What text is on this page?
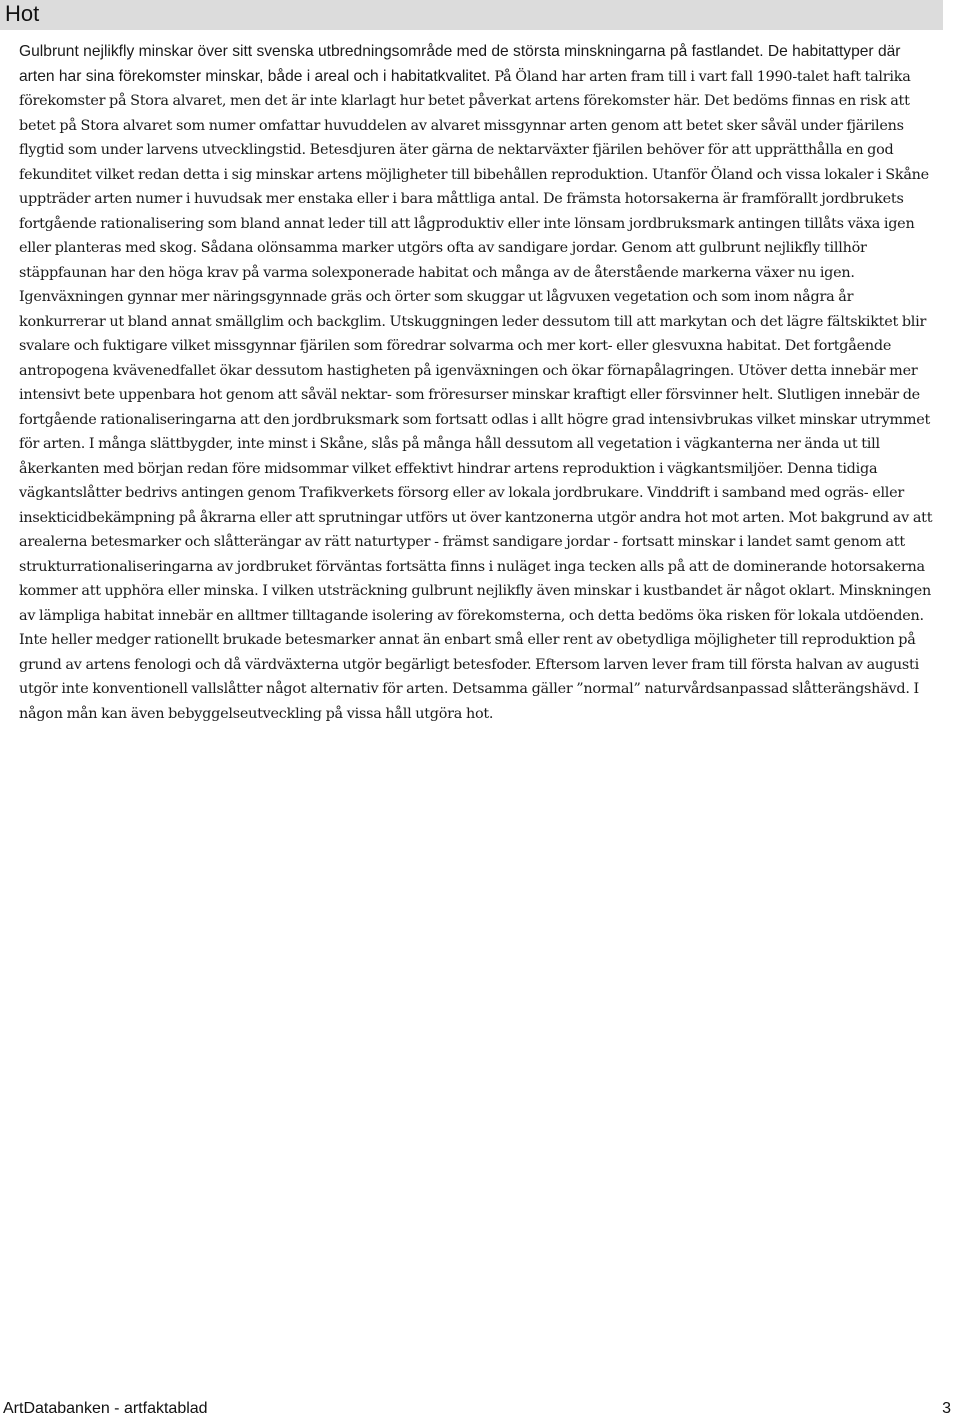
Hot

Gulbrunt nejlikfly minskar över sitt svenska utbredningsområde med de största minskningarna på fastlandet. De habitattyper där arten har sina förekomster minskar, både i areal och i habitatkvalitet. På Öland har arten fram till i vart fall 1990-talet haft talrika förekomster på Stora alvaret, men det är inte klarlagt hur betet påverkat artens förekomster här. Det bedöms finnas en risk att betet på Stora alvaret som numer omfattar huvuddelen av alvaret missgynnar arten genom att betet sker såväl under fjärilens flygtid som under larvens utvecklingstid. Betesdjuren äter gärna de nektarväxter fjärilen behöver för att upprätthålla en god fekunditet vilket redan detta i sig minskar artens möjligheter till bibehållen reproduktion. Utanför Öland och vissa lokaler i Skåne uppträder arten numer i huvudsak mer enstaka eller i bara måttliga antal. De främsta hotorsakerna är framförallt jordbrukets fortgående rationalisering som bland annat leder till att lågproduktiv eller inte lönsam jordbruksmark antingen tillåts växa igen eller planteras med skog. Sådana olönsamma marker utgörs ofta av sandigare jordar. Genom att gulbrunt nejlikfly tillhör stäppfaunan har den höga krav på varma solexponerade habitat och många av de återstående markerna växer nu igen. Igenväxningen gynnar mer näringsgynnade gräs och örter som skuggar ut lågvuxen vegetation och som inom några år konkurrerar ut bland annat smällglim och backglim. Utskuggningen leder dessutom till att markytan och det lägre fältskiktet blir svalare och fuktigare vilket missgynnar fjärilen som föredrar solvarma och mer kort- eller glesvuxna habitat. Det fortgående antropogena kvävenedfallet ökar dessutom hastigheten på igenväxningen och ökar förnapålagringen. Utöver detta innebär mer intensivt bete uppenbara hot genom att såväl nektar- som fröresurser minskar kraftigt eller försvinner helt. Slutligen innebär de fortgående rationaliseringarna att den jordbruksmark som fortsatt odlas i allt högre grad intensivbrukas vilket minskar utrymmet för arten. I många slättbygder, inte minst i Skåne, slås på många håll dessutom all vegetation i vägkanterna ner ända ut till åkerkanten med början redan före midsommar vilket effektivt hindrar artens reproduktion i vägkantsmiljöer. Denna tidiga vägkantslåtter bedrivs antingen genom Trafikverkets försorg eller av lokala jordbrukare. Vinddrift i samband med ogräs- eller insekticidbekämpning på åkrarna eller att sprutningar utförs ut över kantzonerna utgör andra hot mot arten. Mot bakgrund av att arealerna betesmarker och slåtterängar av rätt naturtyper - främst sandigare jordar - fortsatt minskar i landet samt genom att strukturrationaliseringarna av jordbruket förväntas fortsätta finns i nuläget inga tecken alls på att de dominerande hotorsakerna kommer att upphöra eller minska. I vilken utsträckning gulbrunt nejlikfly även minskar i kustbandet är något oklart. Minskningen av lämpliga habitat innebär en alltmer tilltagande isolering av förekomsterna, och detta bedöms öka risken för lokala utdöenden. Inte heller medger rationellt brukade betesmarker annat än enbart små eller rent av obetydliga möjligheter till reproduktion på grund av artens fenologi och då värdväxterna utgör begärligt betesfoder. Eftersom larven lever fram till första halvan av augusti utgör inte konventionell vallslåtter något alternativ för arten. Detsamma gäller ”normal” naturvårdsanpassad slåtterängshävd. I någon mån kan även bebyggelseutveckling på vissa håll utgöra hot.

ArtDatabanken - artfaktablad	3
